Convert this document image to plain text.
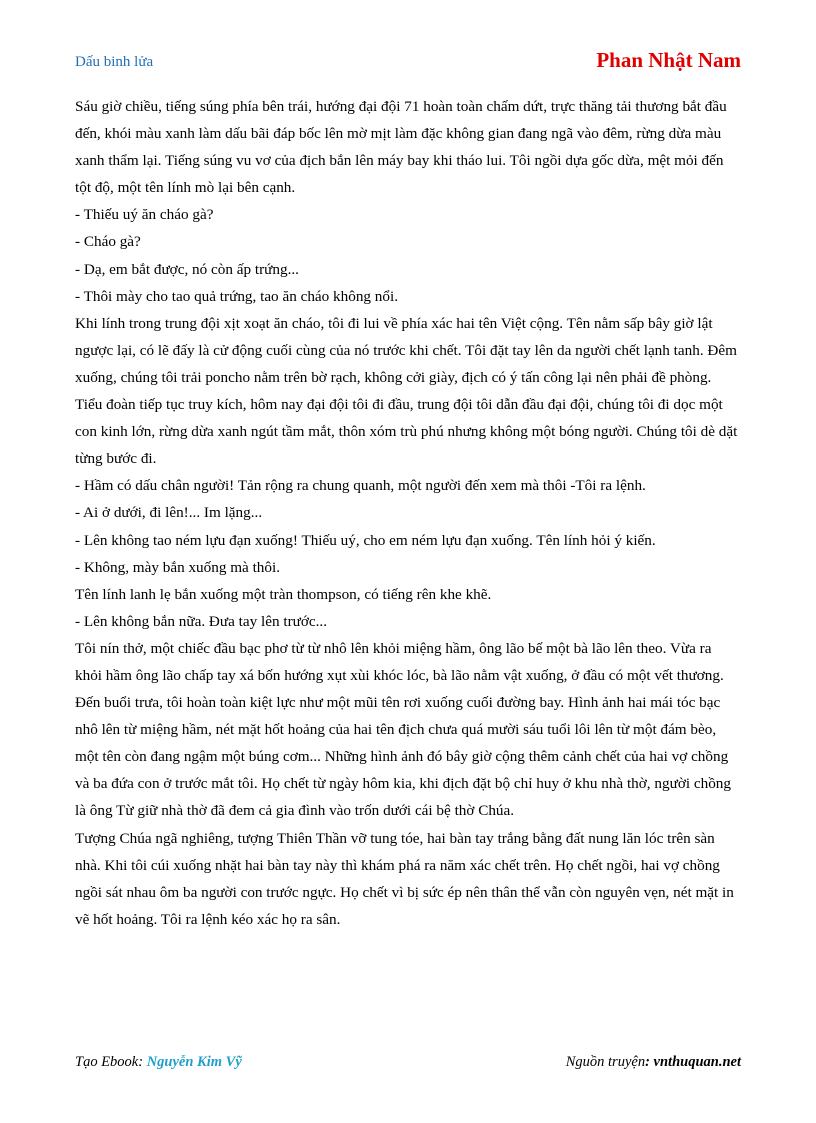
Dấu binh lửa	Phan Nhật Nam

Sáu giờ chiều, tiếng súng phía bên trái, hướng đại đội 71 hoàn toàn chấm dứt, trực thăng tải thương bắt đầu đến, khói màu xanh làm dấu bãi đáp bốc lên mờ mịt làm đặc không gian đang ngã vào đêm, rừng dừa màu xanh thẩm lại. Tiếng súng vu vơ của địch bắn lên máy bay khi tháo lui. Tôi ngồi dựa gốc dừa, mệt mỏi đến tột độ, một tên lính mò lại bên cạnh.

- Thiếu uý ăn cháo gà?

- Cháo gà?

- Dạ, em bắt được, nó còn ấp trứng...

- Thôi mày cho tao quả trứng, tao ăn cháo không nổi.

Khi lính trong trung đội xịt xoạt ăn cháo, tôi đi lui về phía xác hai tên Việt cộng. Tên nằm sấp bây giờ lật ngược lại, có lẽ đấy là cử động cuối cùng của nó trước khi chết. Tôi đặt tay lên da người chết lạnh tanh. Đêm xuống, chúng tôi trải poncho nằm trên bờ rạch, không cởi giày, địch có ý tấn công lại nên phải đề phòng.

Tiểu đoàn tiếp tục truy kích, hôm nay đại đội tôi đi đầu, trung đội tôi dẫn đầu đại đội, chúng tôi đi dọc một con kinh lớn, rừng dừa xanh ngút tầm mắt, thôn xóm trù phú nhưng không một bóng người. Chúng tôi dè dặt từng bước đi.

- Hầm có dấu chân người! Tản rộng ra chung quanh, một người đến xem mà thôi -Tôi ra lệnh.

- Ai ở dưới, đi lên!... Im lặng...

- Lên không tao ném lựu đạn xuống! Thiếu uý, cho em ném lựu đạn xuống. Tên lính hỏi ý kiến.

- Không, mày bắn xuống mà thôi.

Tên lính lanh lẹ bắn xuống một tràn thompson, có tiếng rên khe khẽ.

- Lên không bắn nữa. Đưa tay lên trước...

Tôi nín thở, một chiếc đầu bạc phơ từ từ nhô lên khỏi miệng hầm, ông lão bế một bà lão lên theo. Vừa ra khỏi hầm ông lão chấp tay xá bốn hướng xụt xùi khóc lóc, bà lão nằm vật xuống, ở đầu có một vết thương.

Đến buổi trưa, tôi hoàn toàn kiệt lực như một mũi tên rơi xuống cuối đường bay. Hình ảnh hai mái tóc bạc nhô lên từ miệng hầm, nét mặt hốt hoảng của hai tên địch chưa quá mười sáu tuổi lôi lên từ một đám bèo, một tên còn đang ngậm một búng cơm... Những hình ảnh đó bây giờ cộng thêm cảnh chết của hai vợ chồng và ba đứa con ở trước mắt tôi. Họ chết từ ngày hôm kia, khi địch đặt bộ chỉ huy ở khu nhà thờ, người chồng là ông Từ giữ nhà thờ đã đem cả gia đình vào trốn dưới cái bệ thờ Chúa.

Tượng Chúa ngã nghiêng, tượng Thiên Thần vỡ tung tóe, hai bàn tay trắng bằng đất nung lăn lóc trên sàn nhà. Khi tôi cúi xuống nhặt hai bàn tay này thì khám phá ra năm xác chết trên. Họ chết ngồi, hai vợ chồng ngồi sát nhau ôm ba người con trước ngực. Họ chết vì bị sức ép nên thân thể vẫn còn nguyên vẹn, nét mặt in vẽ hốt hoảng. Tôi ra lệnh kéo xác họ ra sân.

Tạo Ebook: Nguyễn Kim Vỹ	Nguồn truyện: vnthuquan.net
